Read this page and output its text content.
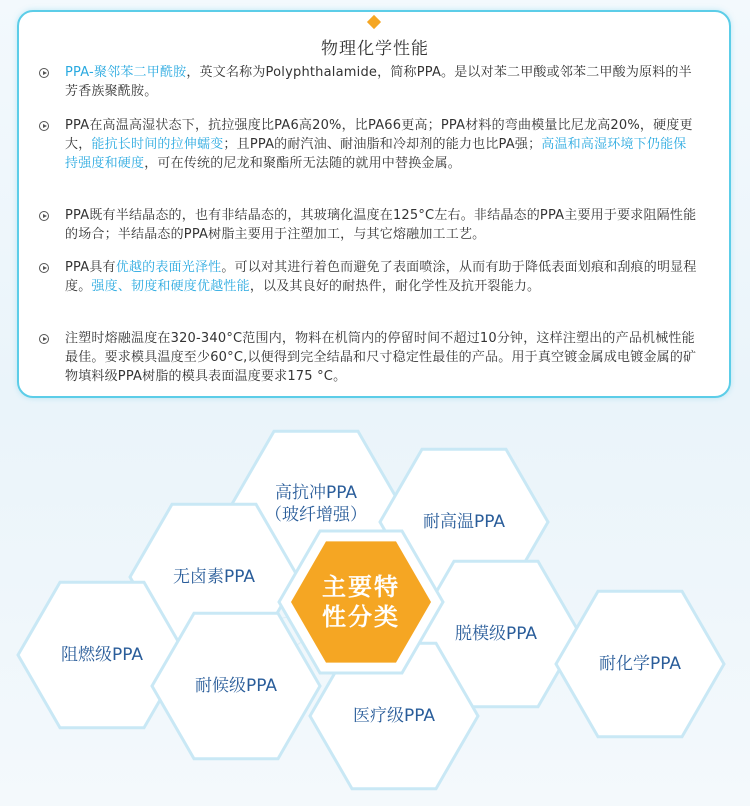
物理化学性能
PPA-聚邻苯二甲酰胺，英文名称为Polyphthalamide，简称PPA。是以对苯二甲酸或邻苯二甲酸为原料的半芳香族聚酰胺。
PPA在高温高湿状态下，抗拉强度比PA6高20%，比PA66更高；PPA材料的弯曲模量比尼龙高20%，硬度更大，能抗长时间的拉伸蠕变；且PPA的耐汽油、耐油脂和冷却剂的能力也比PA强；高温和高湿环境下仍能保持强度和硬度，可在传统的尼龙和聚酯所无法随的就用中替换金属。
PPA既有半结晶态的，也有非结晶态的，其玻璃化温度在125°C左右。非结晶态的PPA主要用于要求阻隔性能的场合；半结晶态的PPA树脂主要用于注塑加工，与其它熔融加工工艺。
PPA具有优越的表面光泽性。可以对其进行着色而避免了表面喷涂，从而有助于降低表面划痕和刮痕的明显程度。强度、韧度和硬度优越性能，以及其良好的耐热件，耐化学性及抗开裂能力。
注塑时熔融温度在320-340°C范围内，物料在机筒内的停留时间不超过10分钟，这样注塑出的产品机械性能最佳。要求模具温度至少60°C,以便得到完全结晶和尺寸稳定性最佳的产品。用于真空镀金属成电镀金属的矿物填料级PPA树脂的模具表面温度要求175 °C。
高抗冲PPA
（玻纤增强）	耐高温PPA
无卤素PPA
脱模级PPA
阻燃级PPA	耐化学PPA
耐候级PPA
医疗级PPA
主要特
性分类
